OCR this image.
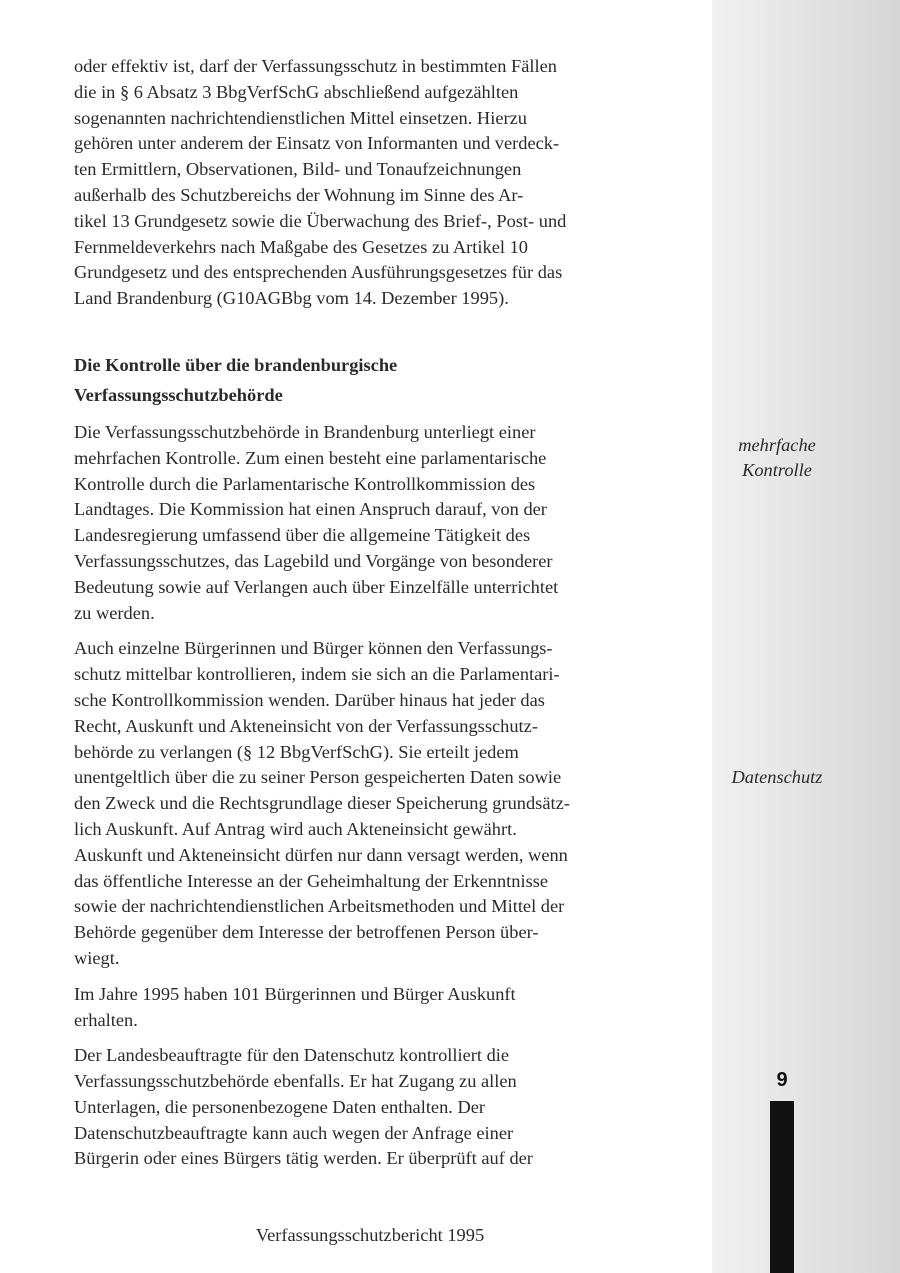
oder effektiv ist, darf der Verfassungsschutz in bestimmten Fällen
die in § 6 Absatz 3 BbgVerfSchG abschließend aufgezählten
sogenannten nachrichtendienstlichen Mittel einsetzen. Hierzu
gehören unter anderem der Einsatz von Informanten und verdeck-
ten Ermittlern, Observationen, Bild- und Tonaufzeichnungen
außerhalb des Schutzbereichs der Wohnung im Sinne des Ar-
tikel 13 Grundgesetz sowie die Überwachung des Brief-, Post- und
Fernmeldeverkehrs nach Maßgabe des Gesetzes zu Artikel 10
Grundgesetz und des entsprechenden Ausführungsgesetzes für das
Land Brandenburg (G10AGBbg vom 14. Dezember 1995).
Die Kontrolle über die brandenburgische
Verfassungsschutzbehörde
Die Verfassungsschutzbehörde in Brandenburg unterliegt einer
mehrfachen Kontrolle. Zum einen besteht eine parlamentarische
Kontrolle durch die Parlamentarische Kontrollkommission des
Landtages. Die Kommission hat einen Anspruch darauf, von der
Landesregierung umfassend über die allgemeine Tätigkeit des
Verfassungsschutzes, das Lagebild und Vorgänge von besonderer
Bedeutung sowie auf Verlangen auch über Einzelfälle unterrichtet
zu werden.
Auch einzelne Bürgerinnen und Bürger können den Verfassungs-
schutz mittelbar kontrollieren, indem sie sich an die Parlamentari-
sche Kontrollkommission wenden. Darüber hinaus hat jeder das
Recht, Auskunft und Akteneinsicht von der Verfassungsschutz-
behörde zu verlangen (§ 12 BbgVerfSchG). Sie erteilt jedem
unentgeltlich über die zu seiner Person gespeicherten Daten sowie
den Zweck und die Rechtsgrundlage dieser Speicherung grundsätz-
lich Auskunft. Auf Antrag wird auch Akteneinsicht gewährt.
Auskunft und Akteneinsicht dürfen nur dann versagt werden, wenn
das öffentliche Interesse an der Geheimhaltung der Erkenntnisse
sowie der nachrichtendienstlichen Arbeitsmethoden und Mittel der
Behörde gegenüber dem Interesse der betroffenen Person über-
wiegt.
Im Jahre 1995 haben 101 Bürgerinnen und Bürger Auskunft
erhalten.
Der Landesbeauftragte für den Datenschutz kontrolliert die
Verfassungsschutzbehörde ebenfalls. Er hat Zugang zu allen
Unterlagen, die personenbezogene Daten enthalten. Der
Datenschutzbeauftragte kann auch wegen der Anfrage einer
Bürgerin oder eines Bürgers tätig werden. Er überprüft auf der
mehrfache
Kontrolle
Datenschutz
9
Verfassungsschutzbericht 1995
